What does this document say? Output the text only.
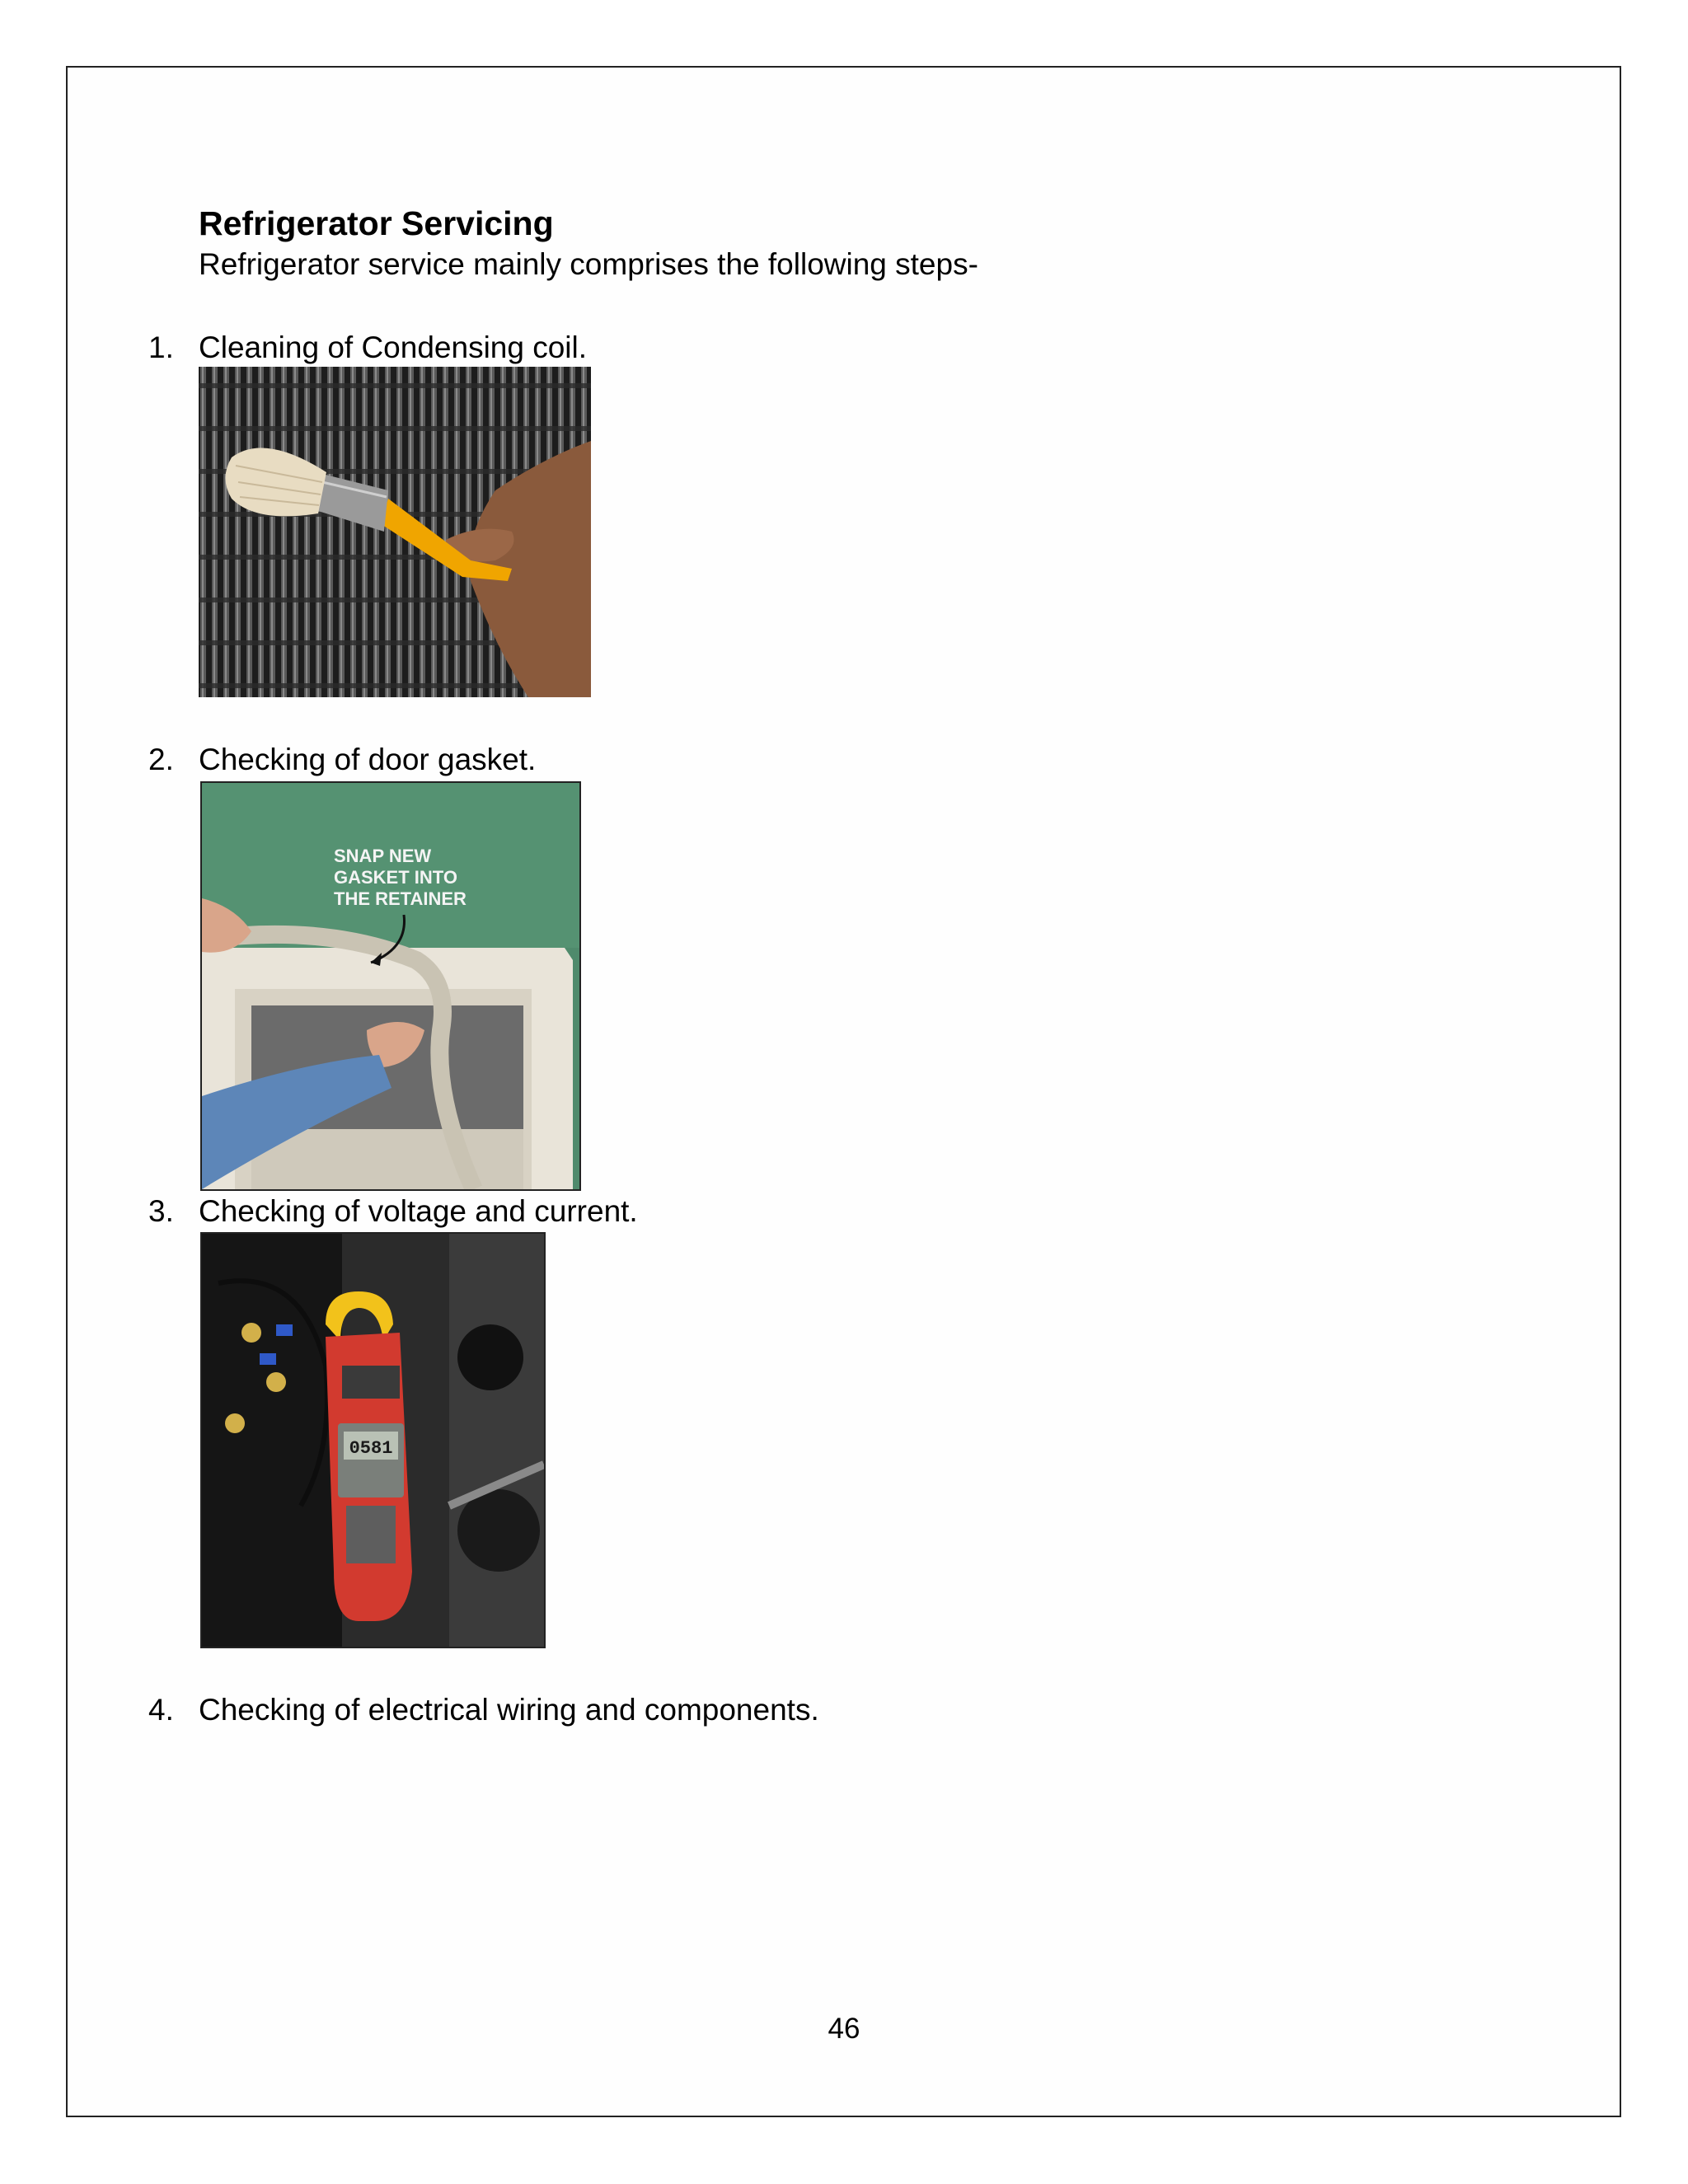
Refrigerator Servicing
Refrigerator service mainly comprises the following steps-
1. Cleaning of Condensing coil.
2. Checking of door gasket.
SNAP NEW
GASKET INTO
THE RETAINER
3. Checking of voltage and current.
0581
4. Checking of electrical wiring and components.
46
